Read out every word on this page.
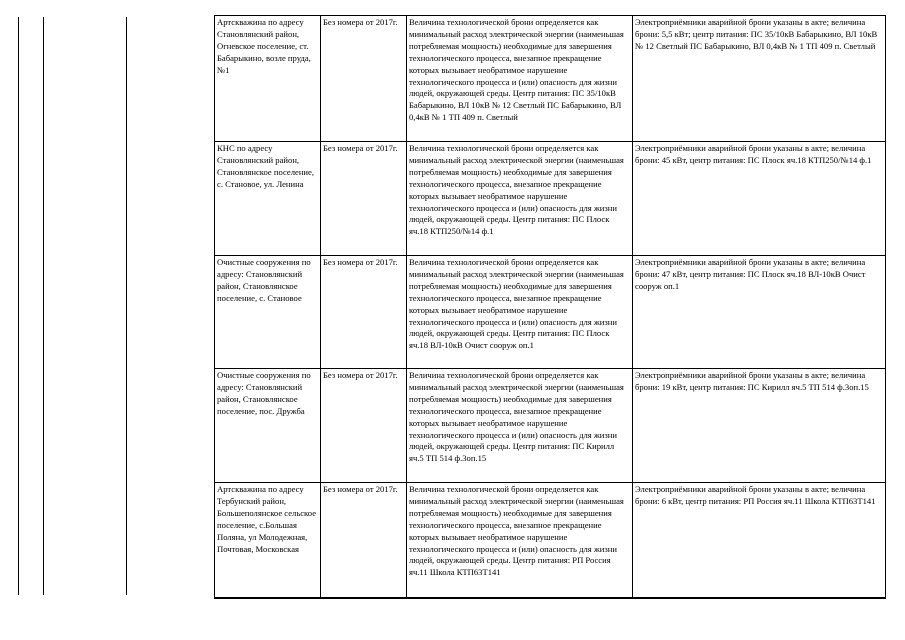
Артскважина по адресу Становлянский район, Огневское поселение, ст. Бабарыкино, возле пруда, №1	Без номера от 2017г.	Величина технологической брони определяется как минимальный расход электрической энергии (наименьшая потребляемая мощность) необходимые для завершения технологического процесса, внезапное прекращение которых вызывает необратимое нарушение технологического процесса и (или) опасность для жизни людей, окружающей среды. Центр питания: ПС 35/10кВ Бабарыкино, ВЛ 10кВ № 12 Светлый ПС Бабарыкино, ВЛ 0,4кВ № 1 ТП 409 п. Светлый	Электроприёмники аварийной брони указаны в акте; величина брони: 5,5 кВт; центр питания: ПС 35/10кВ Бабарыкино, ВЛ 10кВ № 12 Светлый ПС Бабарыкино, ВЛ 0,4кВ № 1 ТП 409 п. Светлый
КНС по адресу Становлянский район, Становлянское поселение, с. Становое, ул. Ленина	Без номера от 2017г.	Величина технологической брони определяется как минимальный расход электрической энергии (наименьшая потребляемая мощность) необходимые для завершения технологического процесса, внезапное прекращение которых вызывает необратимое нарушение технологического процесса и (или) опасность для жизни людей, окружающей среды. Центр питания: ПС Плоск яч.18 КТП250/№14 ф.1	Электроприёмники аварийной брони указаны в акте; величина брони: 45 кВт, центр питания: ПС Плоск яч.18 КТП250/№14 ф.1
Очистные сооружения по адресу: Становлянский район, Становлянское поселение, с. Становое	Без номера от 2017г.	Величина технологической брони определяется как минимальный расход электрической энергии (наименьшая потребляемая мощность) необходимые для завершения технологического процесса, внезапное прекращение которых вызывает необратимое нарушение технологического процесса и (или) опасность для жизни людей, окружающей среды. Центр питания: ПС Плоск яч.18 ВЛ-10кВ Очист сооруж оп.1	Электроприёмники аварийной брони указаны в акте; величина брони: 47 кВт, центр питания: ПС Плоск яч.18 ВЛ-10кВ Очист сооруж оп.1
Очистные сооружения по адресу: Становлянский район, Становлянское поселение, пос. Дружба	Без номера от 2017г.	Величина технологической брони определяется как минимальный расход электрической энергии (наименьшая потребляемая мощность) необходимые для завершения технологического процесса, внезапное прекращение которых вызывает необратимое нарушение технологического процесса и (или) опасность для жизни людей, окружающей среды. Центр питания: ПС Кирилл яч.5 ТП 514 ф.3оп.15	Электроприёмники аварийной брони указаны в акте; величина брони: 19 кВт, центр питания: ПС Кирилл яч.5 ТП 514 ф.3оп.15
Артскважина по адресу Тербунский район, Большеполянское сельское поселение, с.Большая Поляна, ул Молодежная, Почтовая, Московская	Без номера от 2017г.	Величина технологической брони определяется как минимальный расход электрической энергии (наименьшая потребляемая мощность) необходимые для завершения технологического процесса, внезапное прекращение которых вызывает необратимое нарушение технологического процесса и (или) опасность для жизни людей, окружающей среды. Центр питания: РП Россия яч.11 Школа КТП63Т141	Электроприёмники аварийной брони указаны в акте; величина брони: 6 кВт, центр питания: РП Россия яч.11 Школа КТП63Т141
